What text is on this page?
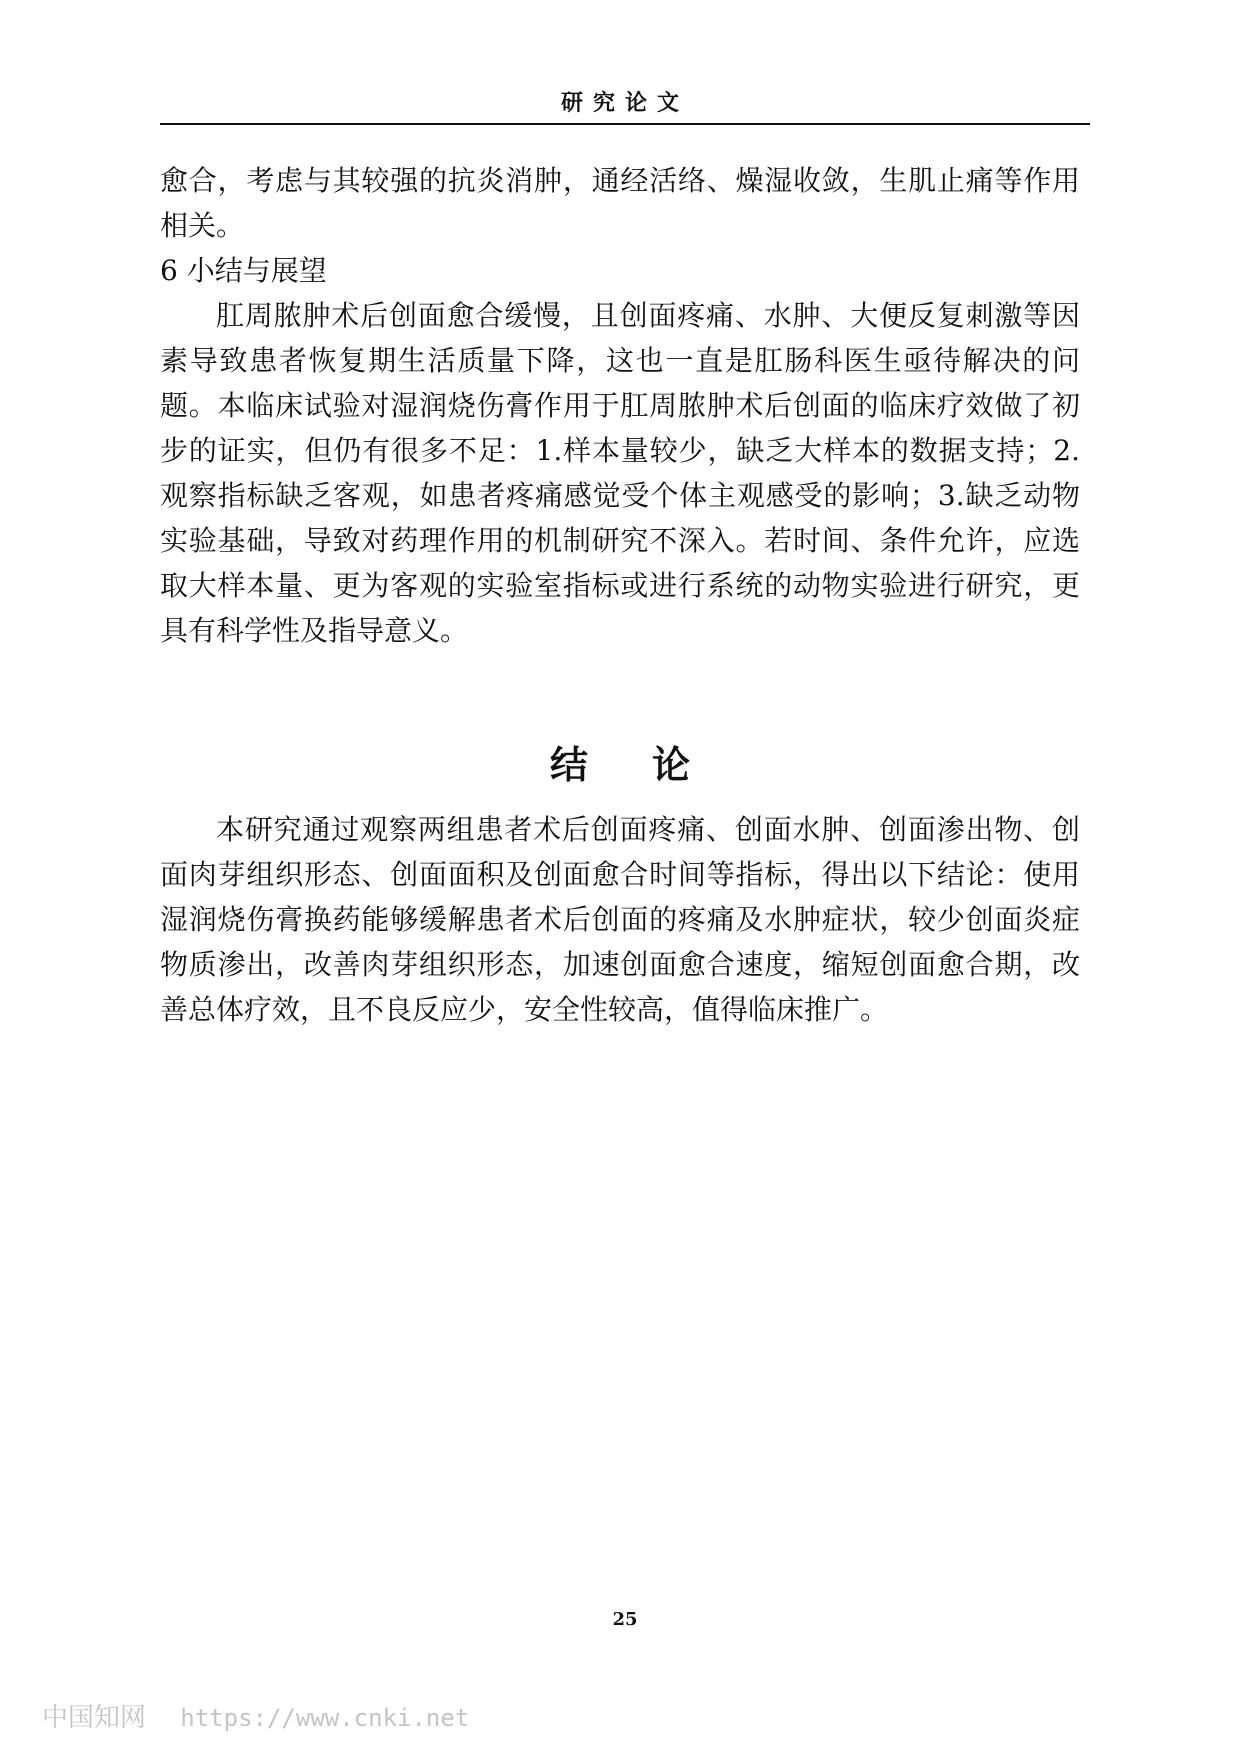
研究论文

愈合，考虑与其较强的抗炎消肿，通经活络、燥湿收敛，生肌止痛等作用相关。

6 小结与展望

肛周脓肿术后创面愈合缓慢，且创面疼痛、水肿、大便反复刺激等因素导致患者恢复期生活质量下降，这也一直是肛肠科医生亟待解决的问题。本临床试验对湿润烧伤膏作用于肛周脓肿术后创面的临床疗效做了初步的证实，但仍有很多不足：1.样本量较少，缺乏大样本的数据支持；2.观察指标缺乏客观，如患者疼痛感觉受个体主观感受的影响；3.缺乏动物实验基础，导致对药理作用的机制研究不深入。若时间、条件允许，应选取大样本量、更为客观的实验室指标或进行系统的动物实验进行研究，更具有科学性及指导意义。

结论

本研究通过观察两组患者术后创面疼痛、创面水肿、创面渗出物、创面肉芽组织形态、创面面积及创面愈合时间等指标，得出以下结论：使用湿润烧伤膏换药能够缓解患者术后创面的疼痛及水肿症状，较少创面炎症物质渗出，改善肉芽组织形态，加速创面愈合速度，缩短创面愈合期，改善总体疗效，且不良反应少，安全性较高，值得临床推广。

25
中国知网 https://www.cnki.net
